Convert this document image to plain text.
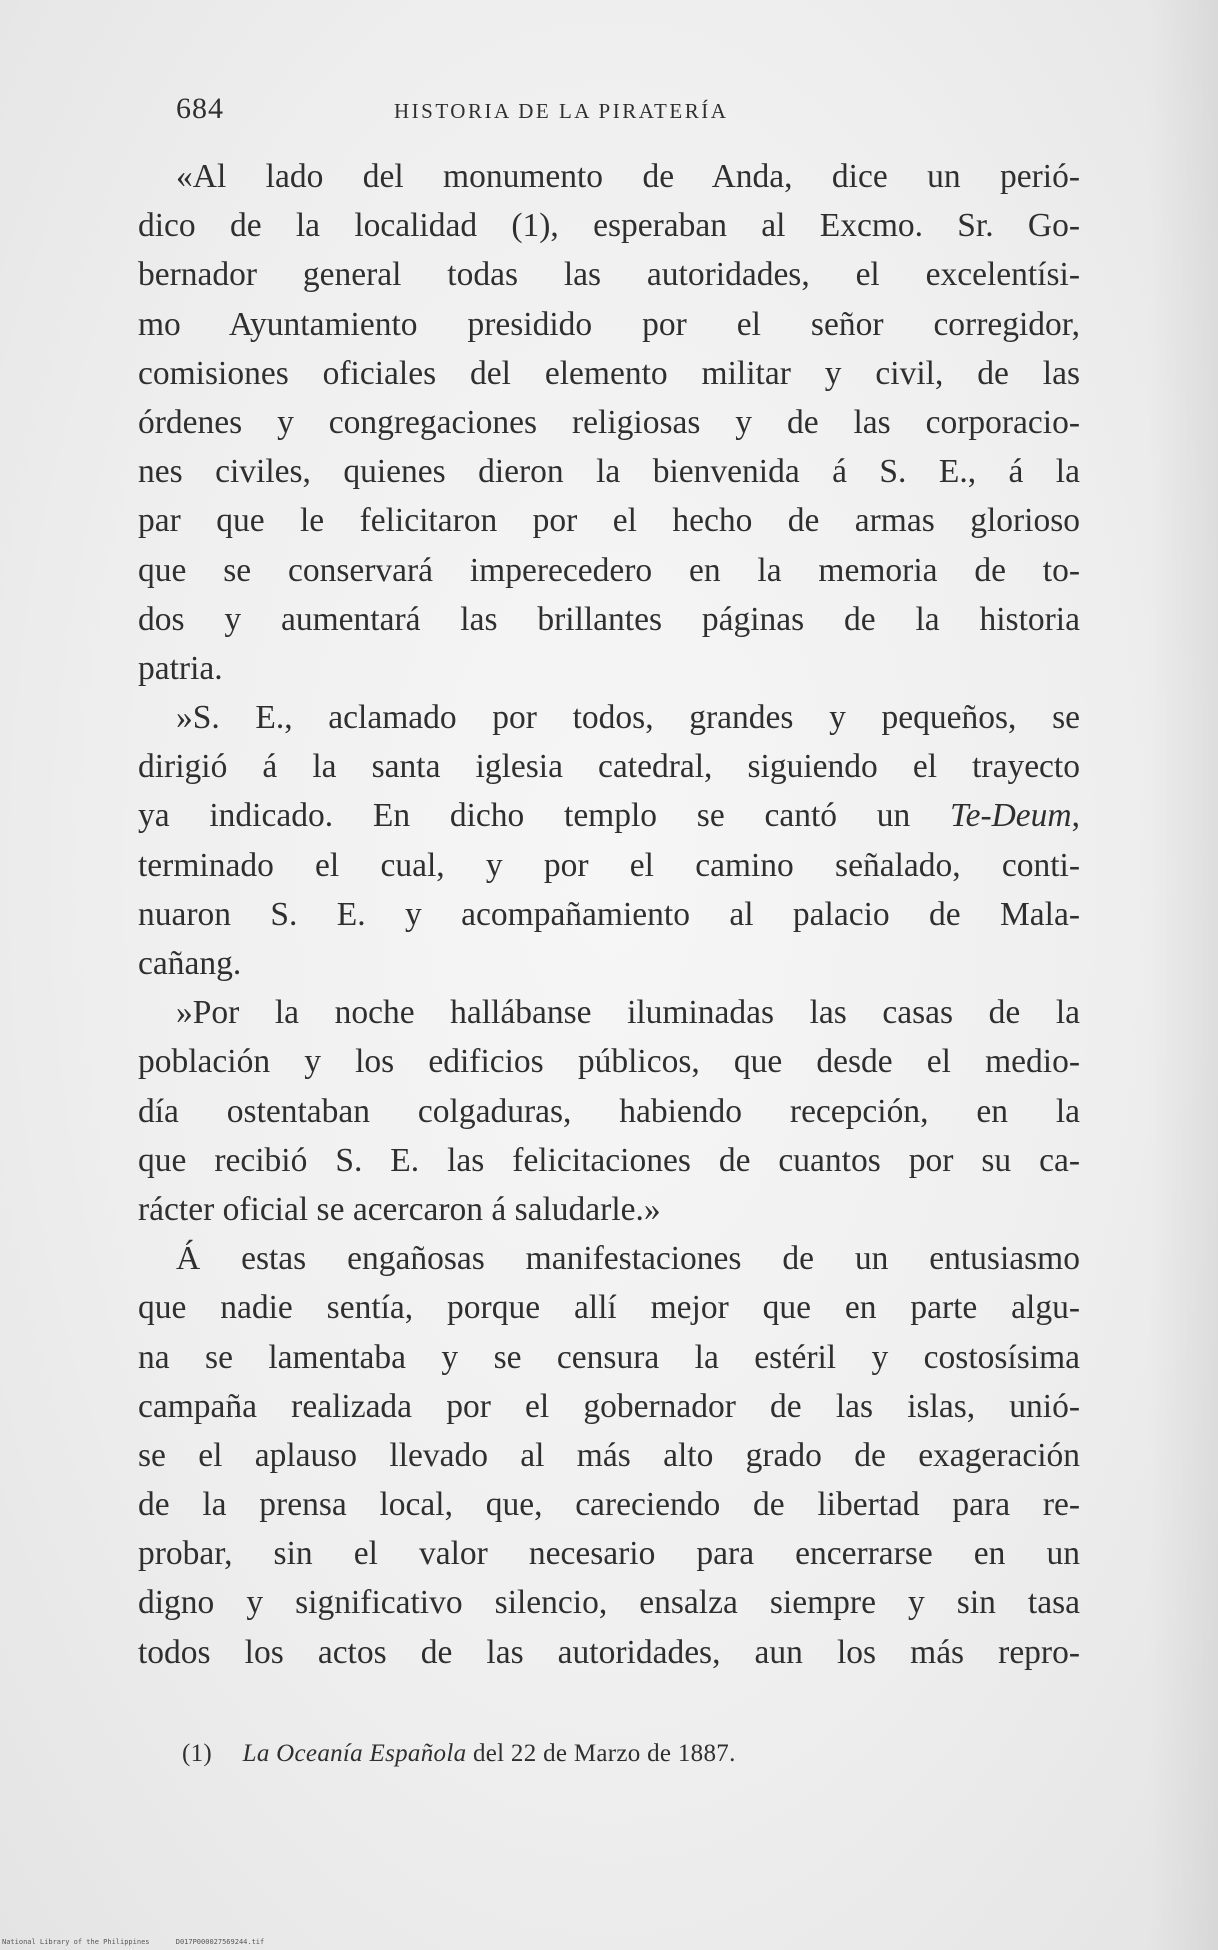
684	HISTORIA DE LA PIRATERÍA
«Al lado del monumento de Anda, dice un perió-
dico de la localidad (1), esperaban al Excmo. Sr. Go-
bernador general todas las autoridades, el excelentísi-
mo Ayuntamiento presidido por el señor corregidor,
comisiones oficiales del elemento militar y civil, de las
órdenes y congregaciones religiosas y de las corporacio-
nes civiles, quienes dieron la bienvenida á S. E., á la
par que le felicitaron por el hecho de armas glorioso
que se conservará imperecedero en la memoria de to-
dos y aumentará las brillantes páginas de la historia
patria.
»S. E., aclamado por todos, grandes y pequeños, se
dirigió á la santa iglesia catedral, siguiendo el trayecto
ya indicado. En dicho templo se cantó un Te-Deum,
terminado el cual, y por el camino señalado, conti-
nuaron S. E. y acompañamiento al palacio de Mala-
cañang.
»Por la noche hallábanse iluminadas las casas de la
población y los edificios públicos, que desde el medio-
día ostentaban colgaduras, habiendo recepción, en la
que recibió S. E. las felicitaciones de cuantos por su ca-
rácter oficial se acercaron á saludarle.»
Á estas engañosas manifestaciones de un entusiasmo
que nadie sentía, porque allí mejor que en parte algu-
na se lamentaba y se censura la estéril y costosísima
campaña realizada por el gobernador de las islas, unió-
se el aplauso llevado al más alto grado de exageración
de la prensa local, que, careciendo de libertad para re-
probar, sin el valor necesario para encerrarse en un
digno y significativo silencio, ensalza siempre y sin tasa
todos los actos de las autoridades, aun los más repro-
(1) La Oceanía Española del 22 de Marzo de 1887.
National Library of the Philippines	D017P000027569244.tif
